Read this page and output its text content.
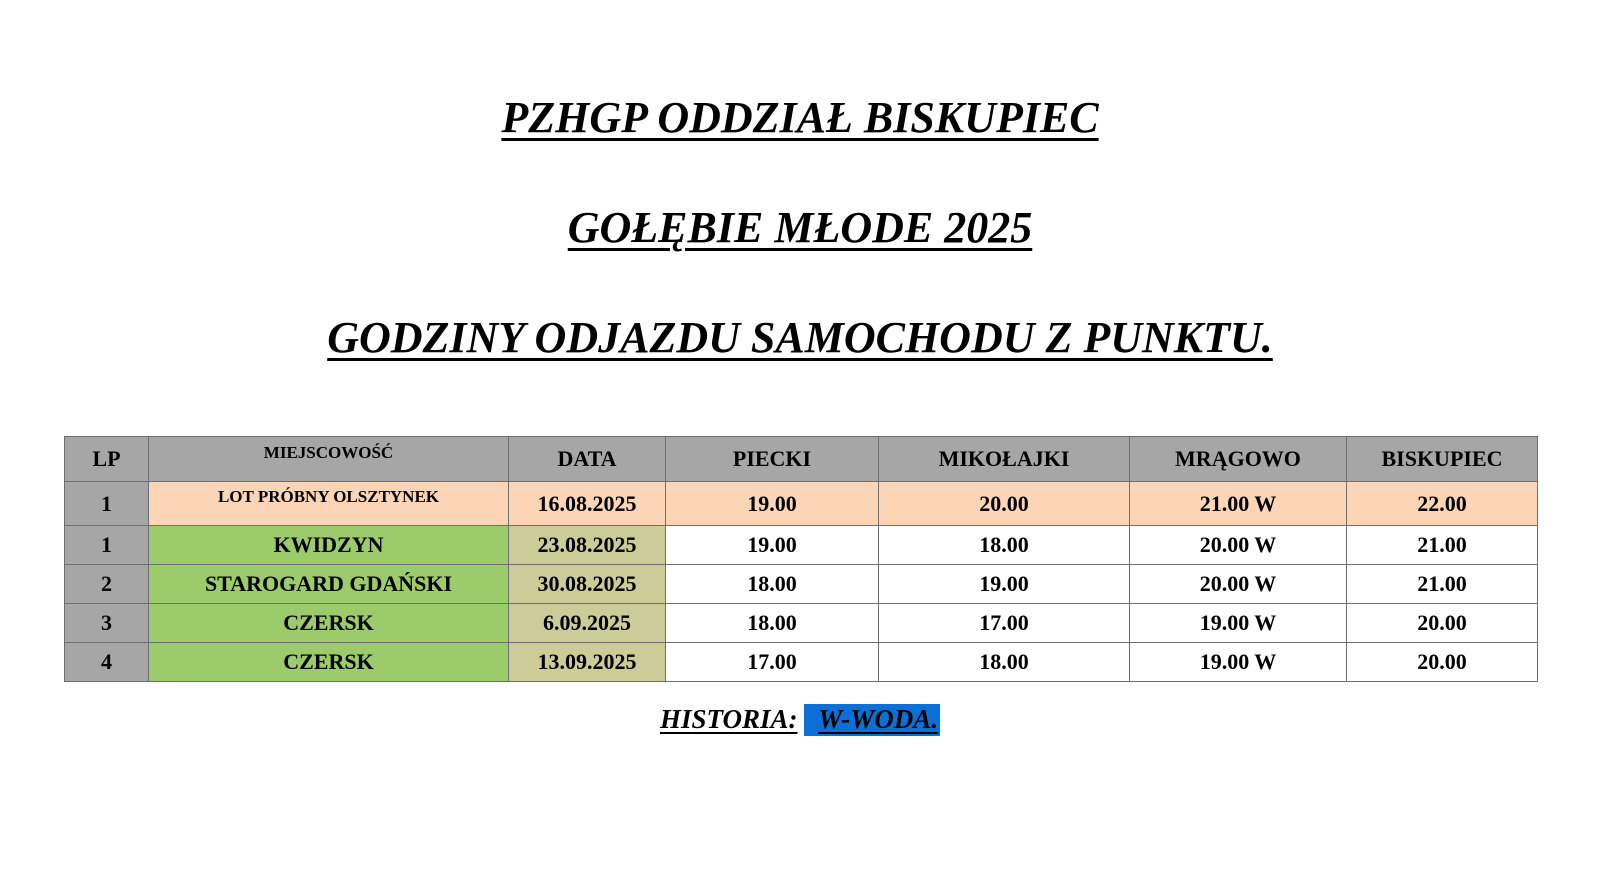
PZHGP ODDZIAŁ BISKUPIEC
GOŁĘBIE MŁODE 2025
GODZINY ODJAZDU SAMOCHODU Z PUNKTU.
LP	MIEJSCOWOŚĆ	DATA	PIECKI	MIKOŁAJKI	MRĄGOWO	BISKUPIEC
1	LOT PRÓBNY OLSZTYNEK	16.08.2025	19.00	20.00	21.00 W	22.00
1	KWIDZYN	23.08.2025	19.00	18.00	20.00 W	21.00
2	STAROGARD GDAŃSKI	30.08.2025	18.00	19.00	20.00 W	21.00
3	CZERSK	6.09.2025	18.00	17.00	19.00 W	20.00
4	CZERSK	13.09.2025	17.00	18.00	19.00 W	20.00
HISTORIA: W-WODA.
